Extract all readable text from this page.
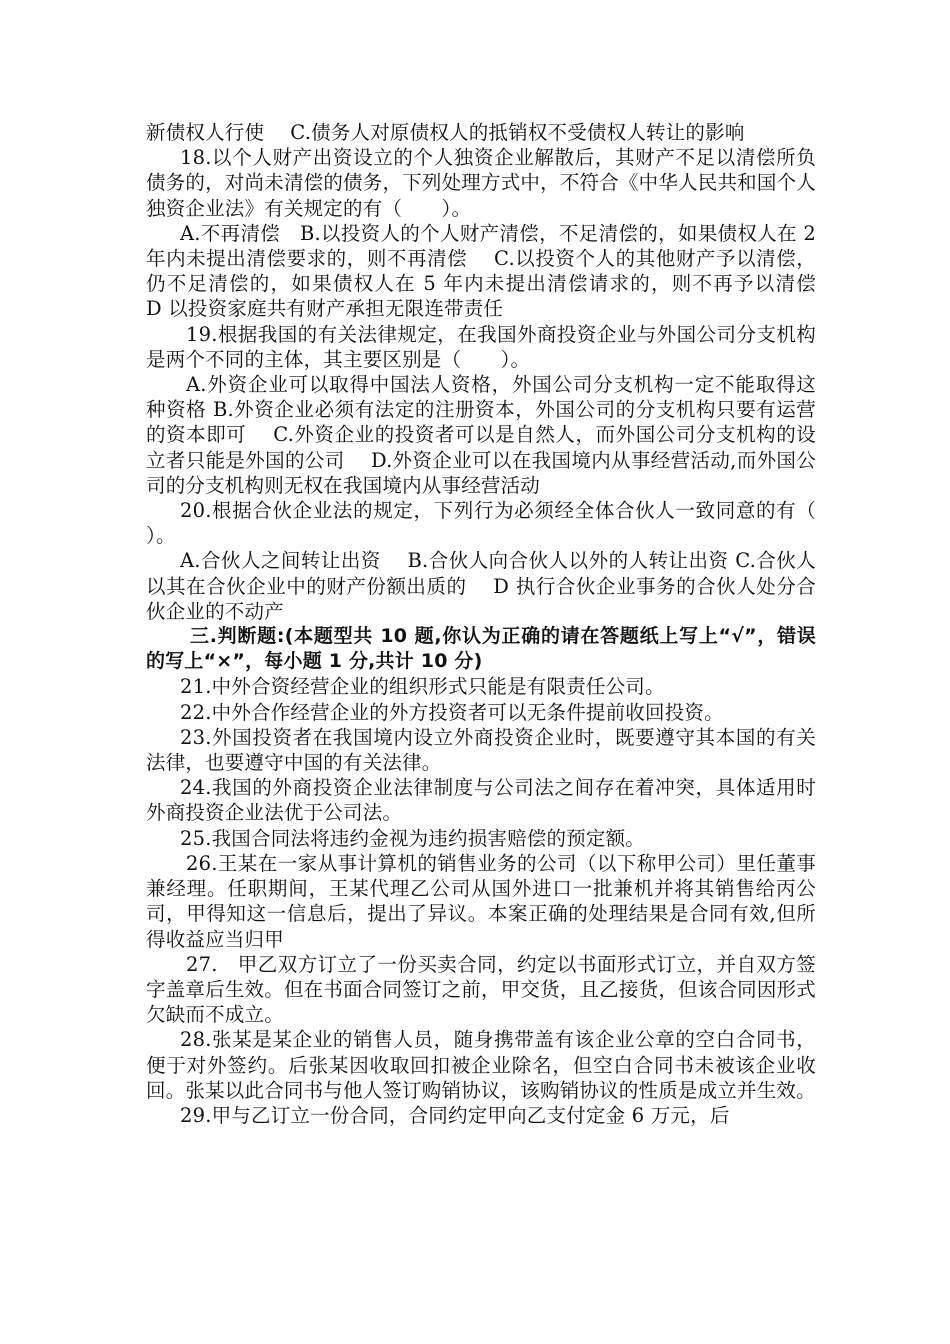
新债权人行使　 C.债务人对原债权人的抵销权不受债权人转让的影响

18.以个人财产出资设立的个人独资企业解散后，其财产不足以清偿所负债务的，对尚未清偿的债务，下列处理方式中，不符合《中华人民共和国个人独资企业法》有关规定的有（　　）。

A.不再清偿　B.以投资人的个人财产清偿，不足清偿的，如果债权人在 2 年内未提出清偿要求的，则不再清偿　 C.以投资个人的其他财产予以清偿，仍不足清偿的，如果债权人在 5 年内未提出清偿请求的，则不再予以清偿　 D 以投资家庭共有财产承担无限连带责任

19.根据我国的有关法律规定，在我国外商投资企业与外国公司分支机构是两个不同的主体，其主要区别是（　　）。

A.外资企业可以取得中国法人资格，外国公司分支机构一定不能取得这种资格 B.外资企业必须有法定的注册资本，外国公司的分支机构只要有运营的资本即可　 C.外资企业的投资者可以是自然人，而外国公司分支机构的设立者只能是外国的公司　 D.外资企业可以在我国境内从事经营活动,而外国公司的分支机构则无权在我国境内从事经营活动

20.根据合伙企业法的规定，下列行为必须经全体合伙人一致同意的有（　 ）。

A.合伙人之间转让出资　 B.合伙人向合伙人以外的人转让出资 C.合伙人以其在合伙企业中的财产份额出质的　 D 执行合伙企业事务的合伙人处分合伙企业的不动产

三.判断题:(本题型共 10 题,你认为正确的请在答题纸上写上“√”，错误的写上“×”，每小题 1 分,共计 10 分)

21.中外合资经营企业的组织形式只能是有限责任公司。

22.中外合作经营企业的外方投资者可以无条件提前收回投资。

23.外国投资者在我国境内设立外商投资企业时，既要遵守其本国的有关法律，也要遵守中国的有关法律。

24.我国的外商投资企业法律制度与公司法之间存在着冲突，具体适用时外商投资企业法优于公司法。

25.我国合同法将违约金视为违约损害赔偿的预定额。

26.王某在一家从事计算机的销售业务的公司（以下称甲公司）里任董事兼经理。任职期间，王某代理乙公司从国外进口一批兼机并将其销售给丙公司，甲得知这一信息后，提出了异议。本案正确的处理结果是合同有效,但所得收益应当归甲

27.　甲乙双方订立了一份买卖合同，约定以书面形式订立，并自双方签字盖章后生效。但在书面合同签订之前，甲交货，且乙接货，但该合同因形式欠缺而不成立。

28.张某是某企业的销售人员，随身携带盖有该企业公章的空白合同书，便于对外签约。后张某因收取回扣被企业除名，但空白合同书未被该企业收回。张某以此合同书与他人签订购销协议，该购销协议的性质是成立并生效。

29.甲与乙订立一份合同，合同约定甲向乙支付定金 6 万元，后
